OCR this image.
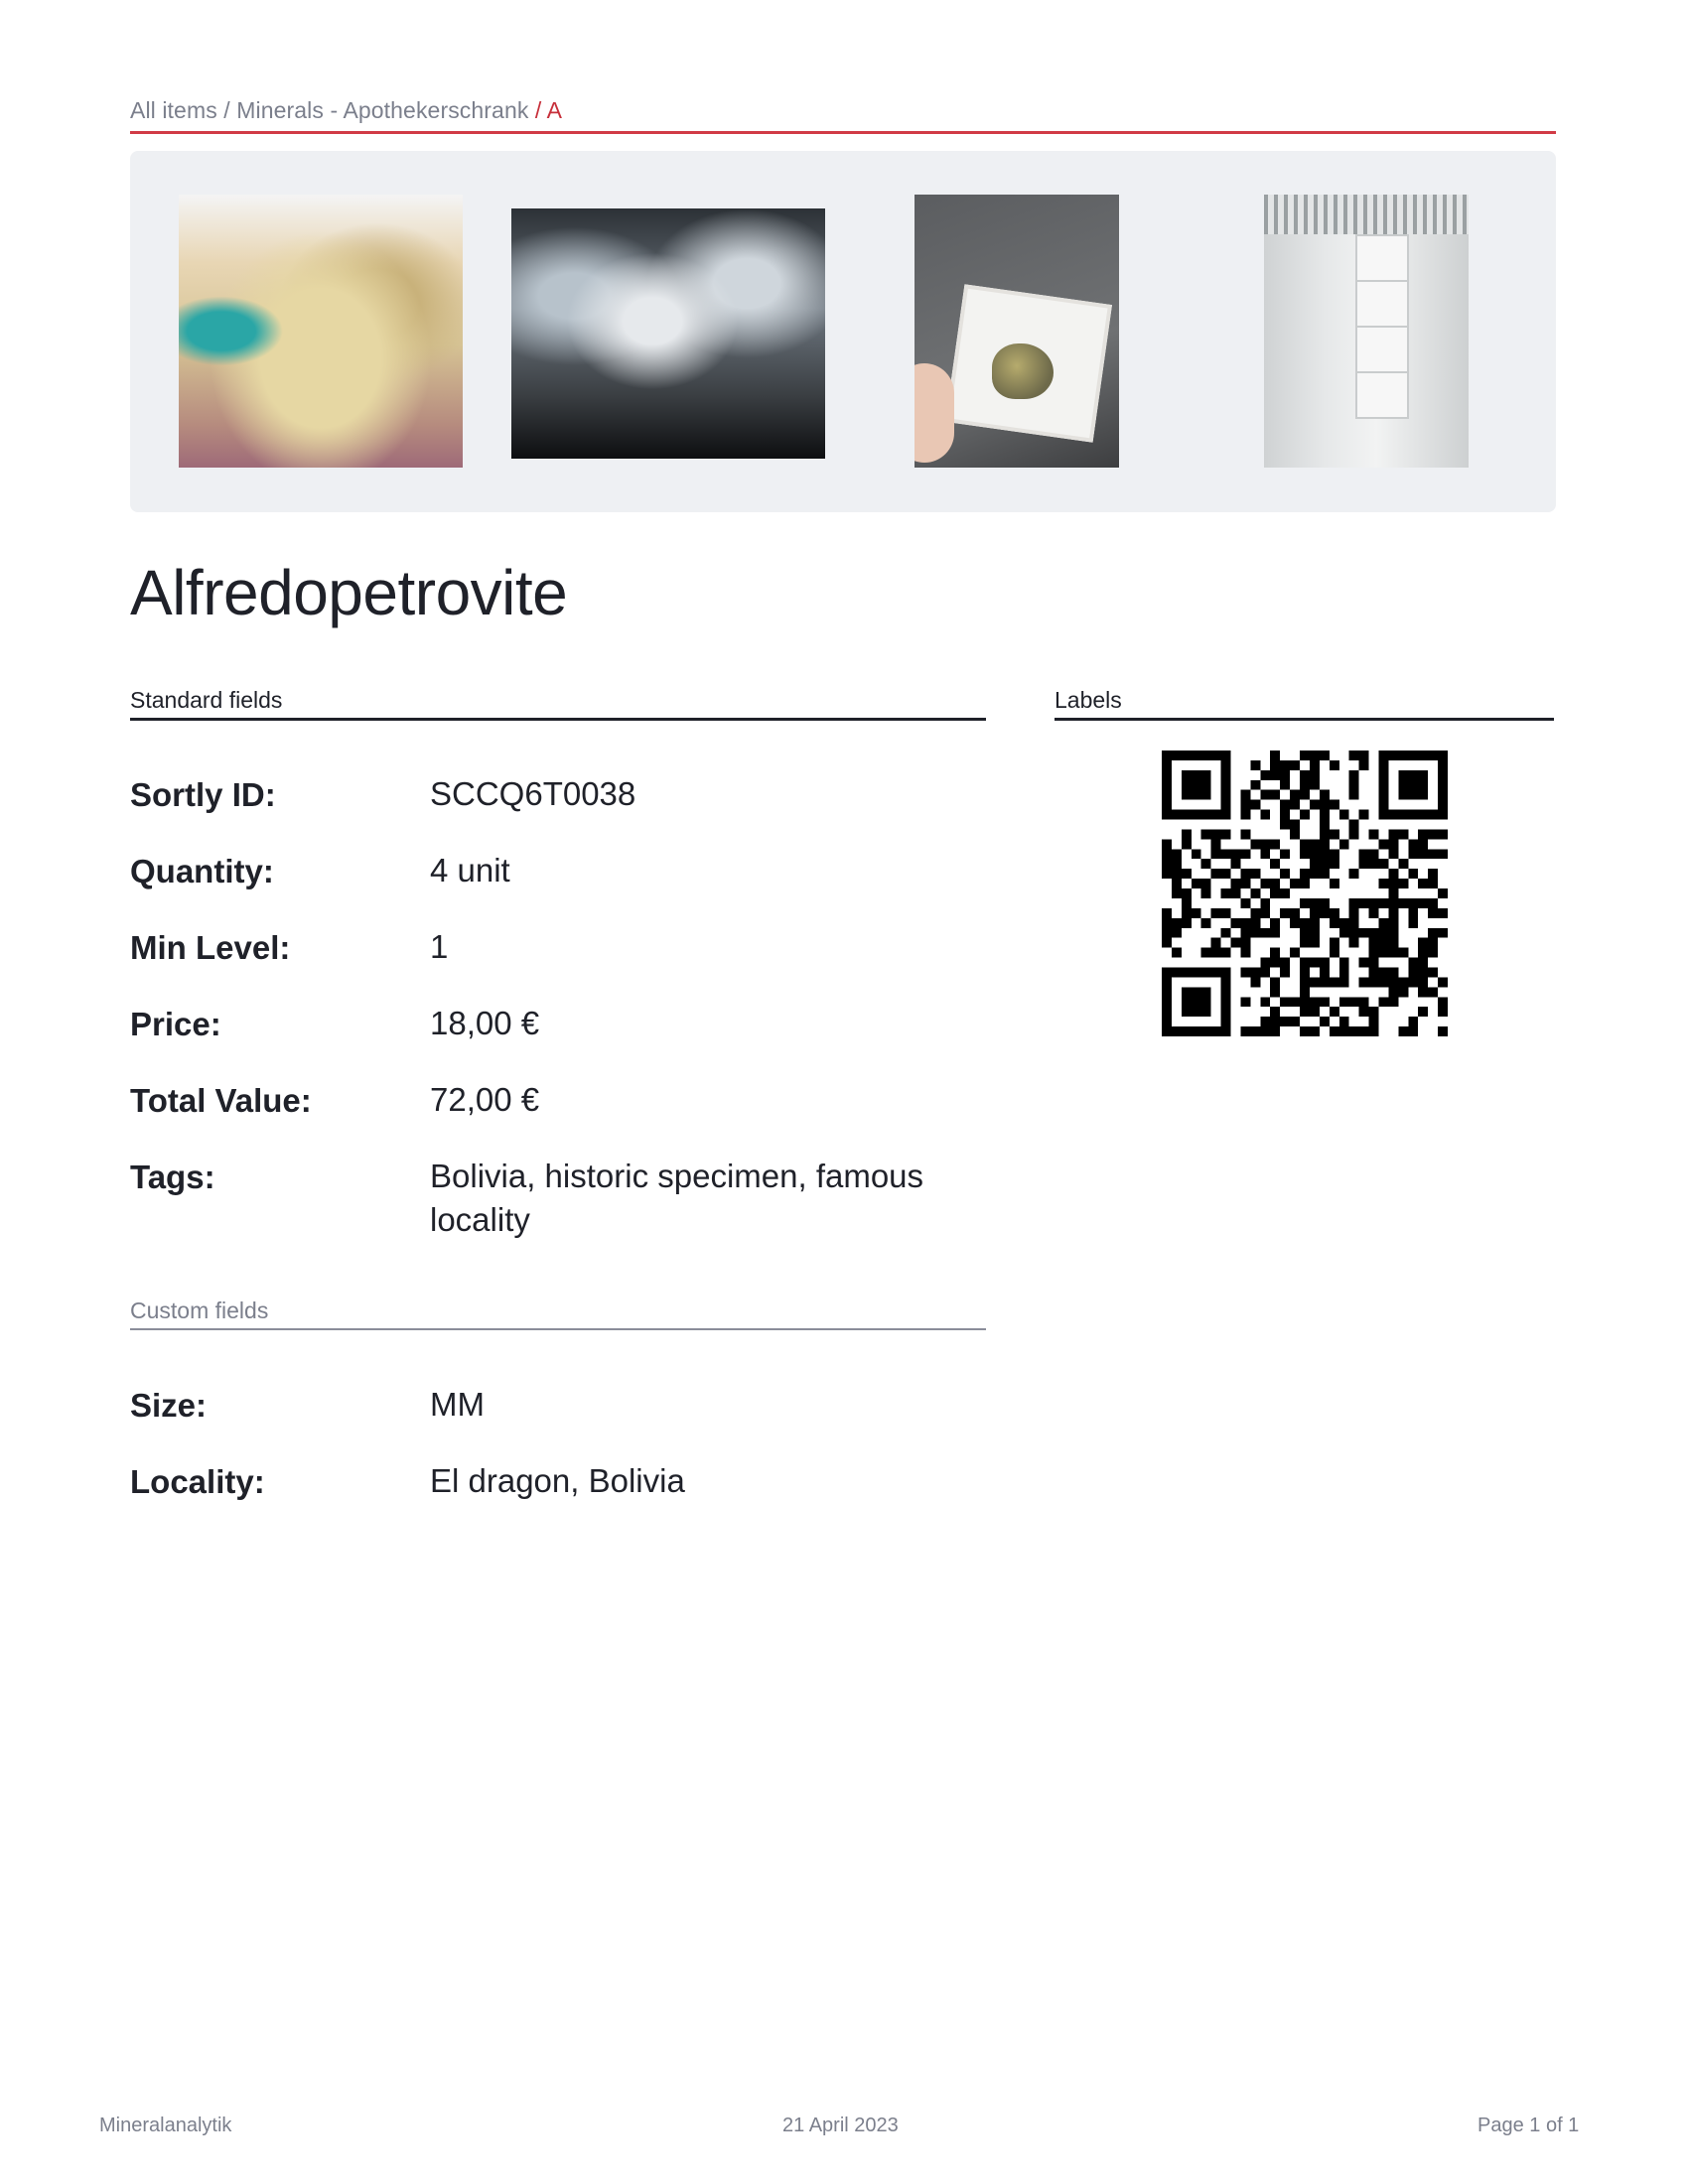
All items / Minerals - Apothekerschrank / A
Alfredopetrovite
Standard fields
Sortly ID:	SCCQ6T0038
Quantity:	4 unit
Min Level:	1
Price:	18,00 €
Total Value:	72,00 €
Tags:	Bolivia, historic specimen, famous locality
Custom fields
Size:	MM
Locality:	El dragon, Bolivia
Labels
Mineralanalytik	21 April 2023	Page 1 of 1
